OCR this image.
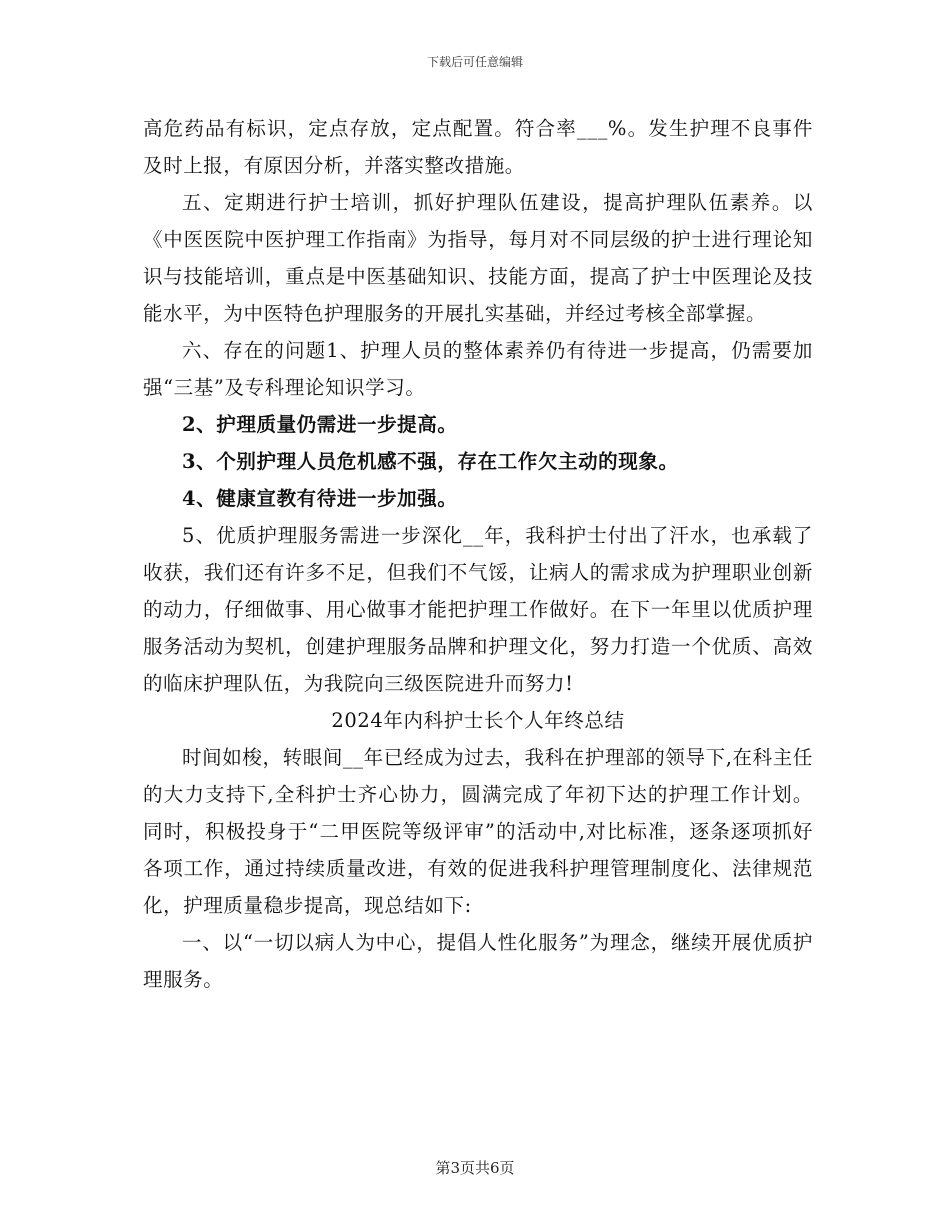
下载后可任意编辑

高危药品有标识，定点存放，定点配置。符合率___%。发生护理不良事件及时上报，有原因分析，并落实整改措施。

五、定期进行护士培训，抓好护理队伍建设，提高护理队伍素养。以《中医医院中医护理工作指南》为指导，每月对不同层级的护士进行理论知识与技能培训，重点是中医基础知识、技能方面，提高了护士中医理论及技能水平，为中医特色护理服务的开展扎实基础，并经过考核全部掌握。

六、存在的问题1、护理人员的整体素养仍有待进一步提高，仍需要加强“三基”及专科理论知识学习。

2、护理质量仍需进一步提高。

3、个别护理人员危机感不强，存在工作欠主动的现象。

4、健康宣教有待进一步加强。

5、优质护理服务需进一步深化__年，我科护士付出了汗水，也承载了收获，我们还有许多不足，但我们不气馁，让病人的需求成为护理职业创新的动力，仔细做事、用心做事才能把护理工作做好。在下一年里以优质护理服务活动为契机，创建护理服务品牌和护理文化，努力打造一个优质、高效的临床护理队伍，为我院向三级医院进升而努力!

2024年内科护士长个人年终总结

时间如梭，转眼间__年已经成为过去，我科在护理部的领导下,在科主任的大力支持下,全科护士齐心协力，圆满完成了年初下达的护理工作计划。同时，积极投身于“二甲医院等级评审”的活动中,对比标准，逐条逐项抓好各项工作，通过持续质量改进，有效的促进我科护理管理制度化、法律规范化，护理质量稳步提高，现总结如下:

一、以“一切以病人为中心，提倡人性化服务”为理念，继续开展优质护理服务。

第3页共6页
